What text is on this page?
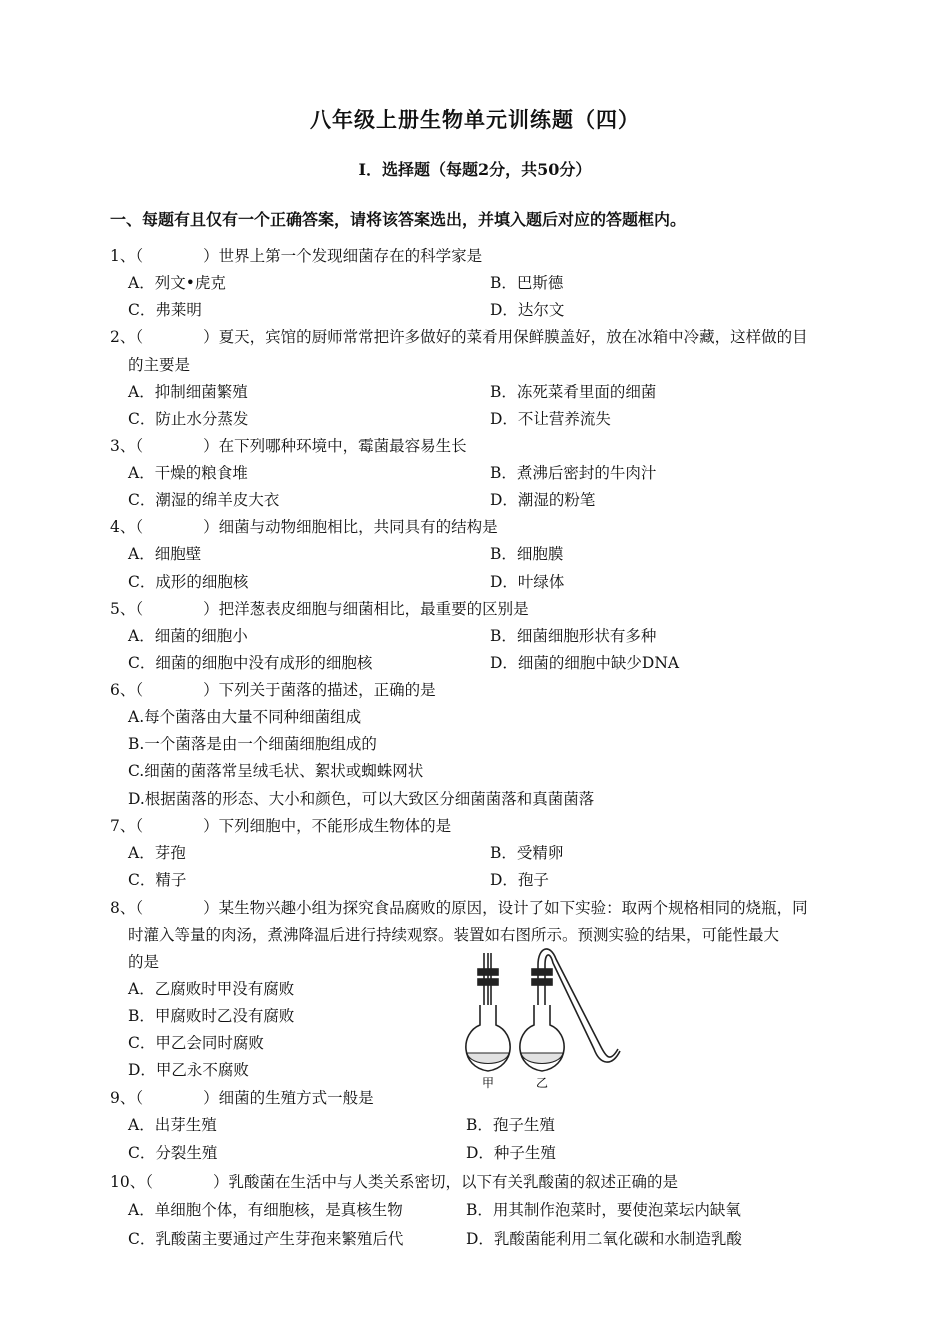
八年级上册生物单元训练题（四）
Ⅰ．选择题（每题2分，共50分）
一、每题有且仅有一个正确答案，请将该答案选出，并填入题后对应的答题框内。
1、（	）世界上第一个发现细菌存在的科学家是
A．列文•虎克	B．巴斯德
C．弗莱明	D．达尔文
2、（	）夏天，宾馆的厨师常常把许多做好的菜肴用保鲜膜盖好，放在冰箱中冷藏，这样做的目
的主要是
A．抑制细菌繁殖	B．冻死菜肴里面的细菌
C．防止水分蒸发	D．不让营养流失
3、（	）在下列哪种环境中，霉菌最容易生长
A．干燥的粮食堆	B．煮沸后密封的牛肉汁
C．潮湿的绵羊皮大衣	D．潮湿的粉笔
4、（	）细菌与动物细胞相比，共同具有的结构是
A．细胞壁	B．细胞膜
C．成形的细胞核	D．叶绿体
5、（	）把洋葱表皮细胞与细菌相比，最重要的区别是
A．细菌的细胞小	B．细菌细胞形状有多种
C．细菌的细胞中没有成形的细胞核	D．细菌的细胞中缺少DNA
6、（	）下列关于菌落的描述，正确的是
A.每个菌落由大量不同种细菌组成
B.一个菌落是由一个细菌细胞组成的
C.细菌的菌落常呈绒毛状、絮状或蜘蛛网状
D.根据菌落的形态、大小和颜色，可以大致区分细菌菌落和真菌菌落
7、（	）下列细胞中，不能形成生物体的是
A．芽孢	B．受精卵
C．精子	D．孢子
8、（	）某生物兴趣小组为探究食品腐败的原因，设计了如下实验：取两个规格相同的烧瓶，同
时灌入等量的肉汤，煮沸降温后进行持续观察。装置如右图所示。预测实验的结果，可能性最大
的是
A．乙腐败时甲没有腐败
B．甲腐败时乙没有腐败
C．甲乙会同时腐败
D．甲乙永不腐败
甲	乙
9、（	）细菌的生殖方式一般是
A．出芽生殖	B．孢子生殖
C．分裂生殖	D．种子生殖
10、（	）乳酸菌在生活中与人类关系密切，以下有关乳酸菌的叙述正确的是
A．单细胞个体，有细胞核，是真核生物	B．用其制作泡菜时，要使泡菜坛内缺氧
C．乳酸菌主要通过产生芽孢来繁殖后代	D．乳酸菌能利用二氧化碳和水制造乳酸
